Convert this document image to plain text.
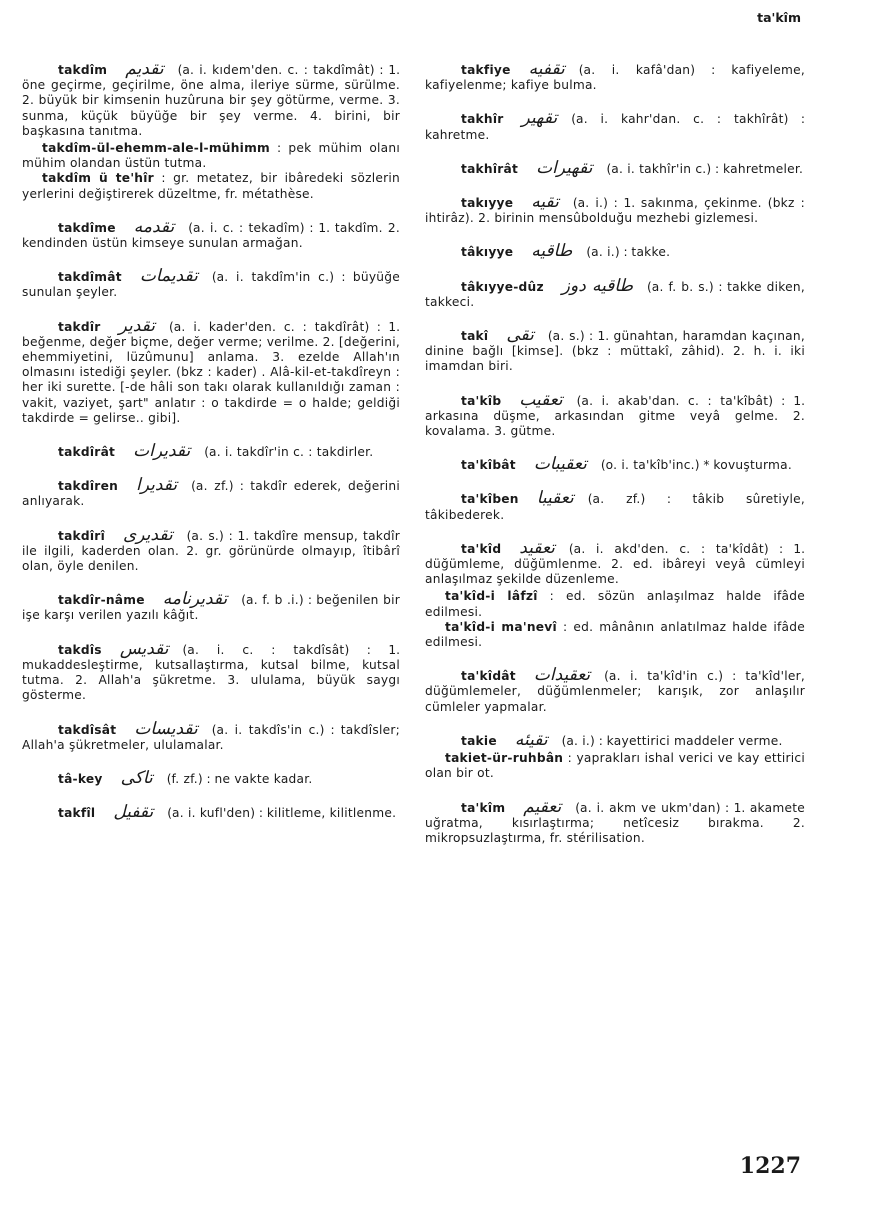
ta'kîm

takdîm تقديم (a. i. kıdem'den. c. : takdîmât) : 1. öne geçirme, geçirilme, öne alma, ileriye sürme, sürülme. 2. büyük bir kimsenin huzûruna bir şey götürme, verme. 3. sunma, küçük büyüğe bir şey verme. 4. birini, bir başkasına tanıtma.

takdîm-ül-ehemm-ale-l-mühimm : pek mühim olanı mühim olandan üstün tutma.

takdîm ü te'hîr : gr. metatez, bir ibâredeki sözlerin yerlerini değiştirerek düzeltme, fr. métathèse.

takdîme تقدمه (a. i. c. : tekadîm) : 1. takdîm. 2. kendinden üstün kimseye sunulan armağan.

takdîmât تقديمات (a. i. takdîm'in c.) : büyüğe sunulan şeyler.

takdîr تقدير (a. i. kader'den. c. : takdîrât) : 1. beğenme, değer biçme, değer verme; verilme. 2. [değerini, ehemmiyetini, lüzûmunu] anlama. 3. ezelde Allah'ın olmasını istediği şeyler. (bkz : kader) . Alâ-kil-et-takdîreyn : her iki surette. [-de hâli son takı olarak kullanıldığı zaman : vakit, vaziyet, şart" anlatır : o takdirde = o halde; geldiği takdirde = gelirse.. gibi].

takdîrât تقديرات (a. i. takdîr'in c. : takdirler.

takdîren تقديرا (a. zf.) : takdîr ederek, değerini anlıyarak.

takdîrî تقديرى (a. s.) : 1. takdîre mensup, takdîr ile ilgili, kaderden olan. 2. gr. görünürde olmayıp, îtibârî olan, öyle denilen.

takdîr-nâme تقديرنامه (a. f. b .i.) : beğenilen bir işe karşı verilen yazılı kâğıt.

takdîs تقديس (a. i. c. : takdîsât) : 1. mukaddesleştirme, kutsallaştırma, kutsal bilme, kutsal tutma. 2. Allah'a şükretme. 3. ululama, büyük saygı gösterme.

takdîsât تقديسات (a. i. takdîs'in c.) : takdîsler; Allah'a şükretmeler, ululamalar.

tâ-key تاكى (f. zf.) : ne vakte kadar.

takfîl تقفيل (a. i. kufl'den) : kilitleme, kilitlenme.

takfiye تقفيه (a. i. kafâ'dan) : kafiyeleme, kafiyelenme; kafiye bulma.

takhîr تقهير (a. i. kahr'dan. c. : takhîrât) : kahretme.

takhîrât تقهيرات (a. i. takhîr'in c.) : kahretmeler.

takıyye تقيه (a. i.) : 1. sakınma, çekinme. (bkz : ihtirâz). 2. birinin mensûbolduğu mezhebi gizlemesi.

tâkıyye طاقيه (a. i.) : takke.

tâkıyye-dûz طاقيه دوز (a. f. b. s.) : takke diken, takkeci.

takî تقى (a. s.) : 1. günahtan, haramdan kaçınan, dinine bağlı [kimse]. (bkz : müttakî, zâhid). 2. h. i. iki imamdan biri.

ta'kîb تعقيب (a. i. akab'dan. c. : ta'kîbât) : 1. arkasına düşme, arkasından gitme veyâ gelme. 2. kovalama. 3. gütme.

ta'kîbât تعقيبات (o. i. ta'kîb'inc.) * kovuşturma.

ta'kîben تعقيبا (a. zf.) : tâkib sûretiyle, tâkibederek.

ta'kîd تعقيد (a. i. akd'den. c. : ta'kîdât) : 1. düğümleme, düğümlenme. 2. ed. ibâreyi veyâ cümleyi anlaşılmaz şekilde düzenleme.

ta'kîd-i lâfzî : ed. sözün anlaşılmaz halde ifâde edilmesi.

ta'kîd-i ma'nevî : ed. mânânın anlatılmaz halde ifâde edilmesi.

ta'kîdât تعقيدات (a. i. ta'kîd'in c.) : ta'kîd'ler, düğümlemeler, düğümlenmeler; karışık, zor anlaşılır cümleler yapmalar.

takie تقيئه (a. i.) : kayettirici maddeler verme.

takiet-ür-ruhbân : yaprakları ishal verici ve kay ettirici olan bir ot.

ta'kîm تعقيم (a. i. akm ve ukm'dan) : 1. akamete uğratma, kısırlaştırma; netîcesiz bırakma. 2. mikropsuzlaştırma, fr. stérilisation.

1227
